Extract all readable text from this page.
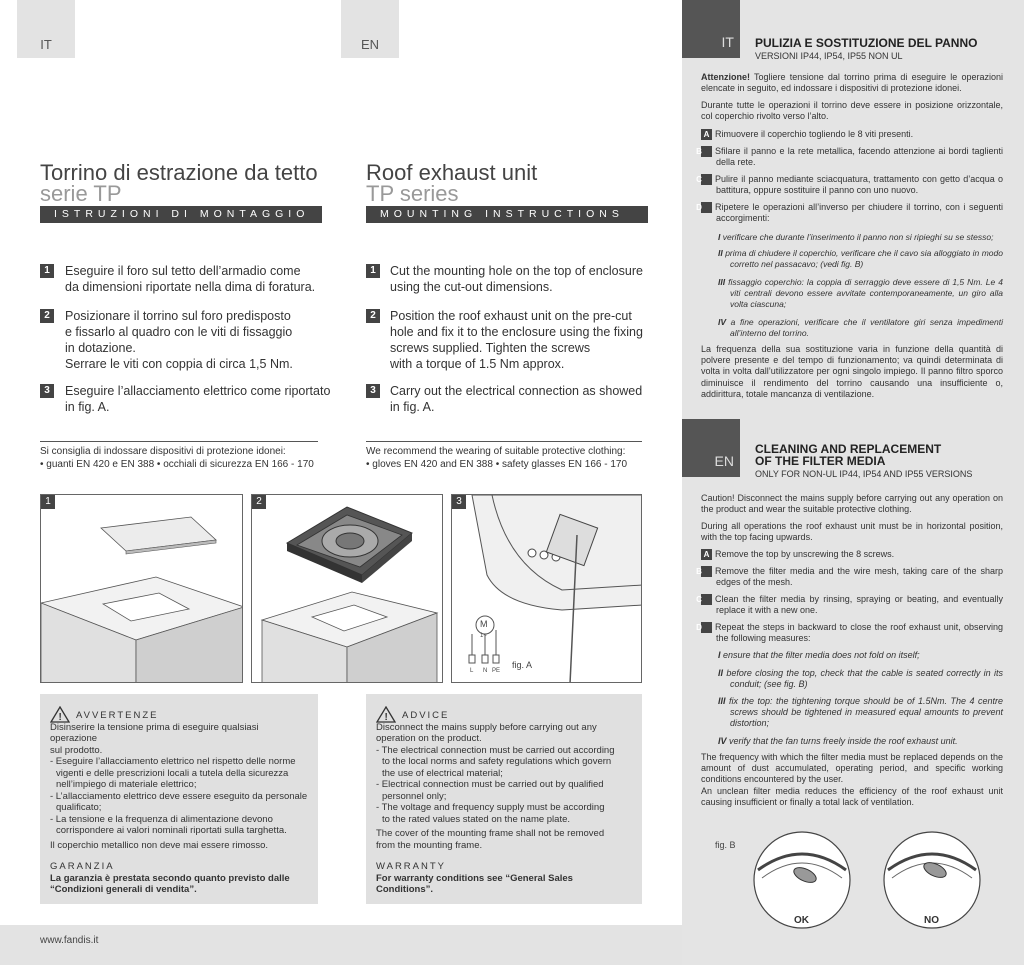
IT	EN
Torrino di estrazione da tetto
serie TP
ISTRUZIONI DI MONTAGGIO
Roof exhaust unit
TP series
MOUNTING INSTRUCTIONS
1	Eseguire il foro sul tetto dell’armadio come
da dimensioni riportate nella dima di foratura.
2	Posizionare il torrino sul foro predisposto
e fissarlo al quadro con le viti di fissaggio
in dotazione.
Serrare le viti con coppia di circa 1,5 Nm.
3	Eseguire l’allacciamento elettrico come riportato
in fig. A.
1	Cut the mounting hole on the top of enclosure
using the cut-out dimensions.
2	Position the roof exhaust unit on the pre-cut
hole and fix it to the enclosure using the fixing
screws supplied. Tighten the screws
with a torque of 1.5 Nm approx.
3	Carry out the electrical connection as showed
in fig. A.
Si consiglia di indossare dispositivi di protezione idonei:
• guanti EN 420 e EN 388 • occhiali di sicurezza EN 166 - 170
We recommend the wearing of suitable protective clothing:
• gloves EN 420 and EN 388 • safety glasses EN 166 - 170
1	2	3
M
1~
L N PE
fig. A
! AVVERTENZE
Disinserire la tensione prima di eseguire qualsiasi operazione
sul prodotto.
- Eseguire l’allacciamento elettrico nel rispetto delle norme
vigenti e delle prescrizioni locali a tutela della sicurezza
nell’impiego di materiale elettrico;
- L’allacciamento elettrico deve essere eseguito da personale
qualificato;
- La tensione e la frequenza di alimentazione devono
corrispondere ai valori nominali riportati sulla targhetta.
Il coperchio metallico non deve mai essere rimosso.
GARANZIA
La garanzia è prestata secondo quanto previsto dalle
“Condizioni generali di vendita”.
! ADVICE
Disconnect the mains supply before carrying out any
operation on the product.
- The electrical connection must be carried out according
to the local norms and safety regulations which govern
the use of electrical material;
- Electrical connection must be carried out by qualified
personnel only;
- The voltage and frequency supply must be according
to the rated values stated on the name plate.
The cover of the mounting frame shall not be removed
from the mounting frame.
WARRANTY
For warranty conditions see “General Sales Conditions”.
www.fandis.it
IT	PULIZIA E SOSTITUZIONE DEL PANNO
VERSIONI IP44, IP54, IP55 NON UL
Attenzione! Togliere tensione dal torrino prima di eseguire le operazioni elencate in seguito, ed indossare i dispositivi di protezione idonei.
Durante tutte le operazioni il torrino deve essere in posizione orizzontale, col coperchio rivolto verso l’alto.
A Rimuovere il coperchio togliendo le 8 viti presenti.
B Sfilare il panno e la rete metallica, facendo attenzione ai bordi taglienti della rete.
C Pulire il panno mediante sciacquatura, trattamento con getto d’acqua o battitura, oppure sostituire il panno con uno nuovo.
D Ripetere le operazioni all’inverso per chiudere il torrino, con i seguenti accorgimenti:
I verificare che durante l’inserimento il panno non si ripieghi su se stesso;
II prima di chiudere il coperchio, verificare che il cavo sia alloggiato in modo corretto nel passacavo; (vedi fig. B)
III fissaggio coperchio: la coppia di serraggio deve essere di 1,5 Nm. Le 4 viti centrali devono essere avvitate contemporaneamente, un giro alla volta ciascuna;
IV a fine operazioni, verificare che il ventilatore giri senza impedimenti all’interno del torrino.
La frequenza della sua sostituzione varia in funzione della quantità di polvere presente e del tempo di funzionamento; va quindi determinata di volta in volta dall’utilizzatore per ogni singolo impiego. Il panno filtro sporco diminuisce il rendimento del torrino causando una insufficiente o, addirittura, totale mancanza di ventilazione.
EN
CLEANING AND REPLACEMENT
OF THE FILTER MEDIA
ONLY FOR NON-UL IP44, IP54 AND IP55 VERSIONS
Caution! Disconnect the mains supply before carrying out any operation on the product and wear the suitable protective clothing.
During all operations the roof exhaust unit must be in horizontal position, with the top facing upwards.
A Remove the top by unscrewing the 8 screws.
B Remove the filter media and the wire mesh, taking care of the sharp edges of the mesh.
C Clean the filter media by rinsing, spraying or beating, and eventually replace it with a new one.
D Repeat the steps in backward to close the roof exhaust unit, observing the following measures:
I ensure that the filter media does not fold on itself;
II before closing the top, check that the cable is seated correctly in its conduit; (see fig. B)
III fix the top: the tightening torque should be of 1.5Nm. The 4 centre screws should be tightened in measured equal amounts to prevent distortion;
IV verify that the fan turns freely inside the roof exhaust unit.
The frequency with which the filter media must be replaced depends on the amount of dust accumulated, operating period, and specific working conditions encountered by the user.
An unclean filter media reduces the efficiency of the roof exhaust unit causing insufficient or finally a total lack of ventilation.
fig. B
OK	NO
